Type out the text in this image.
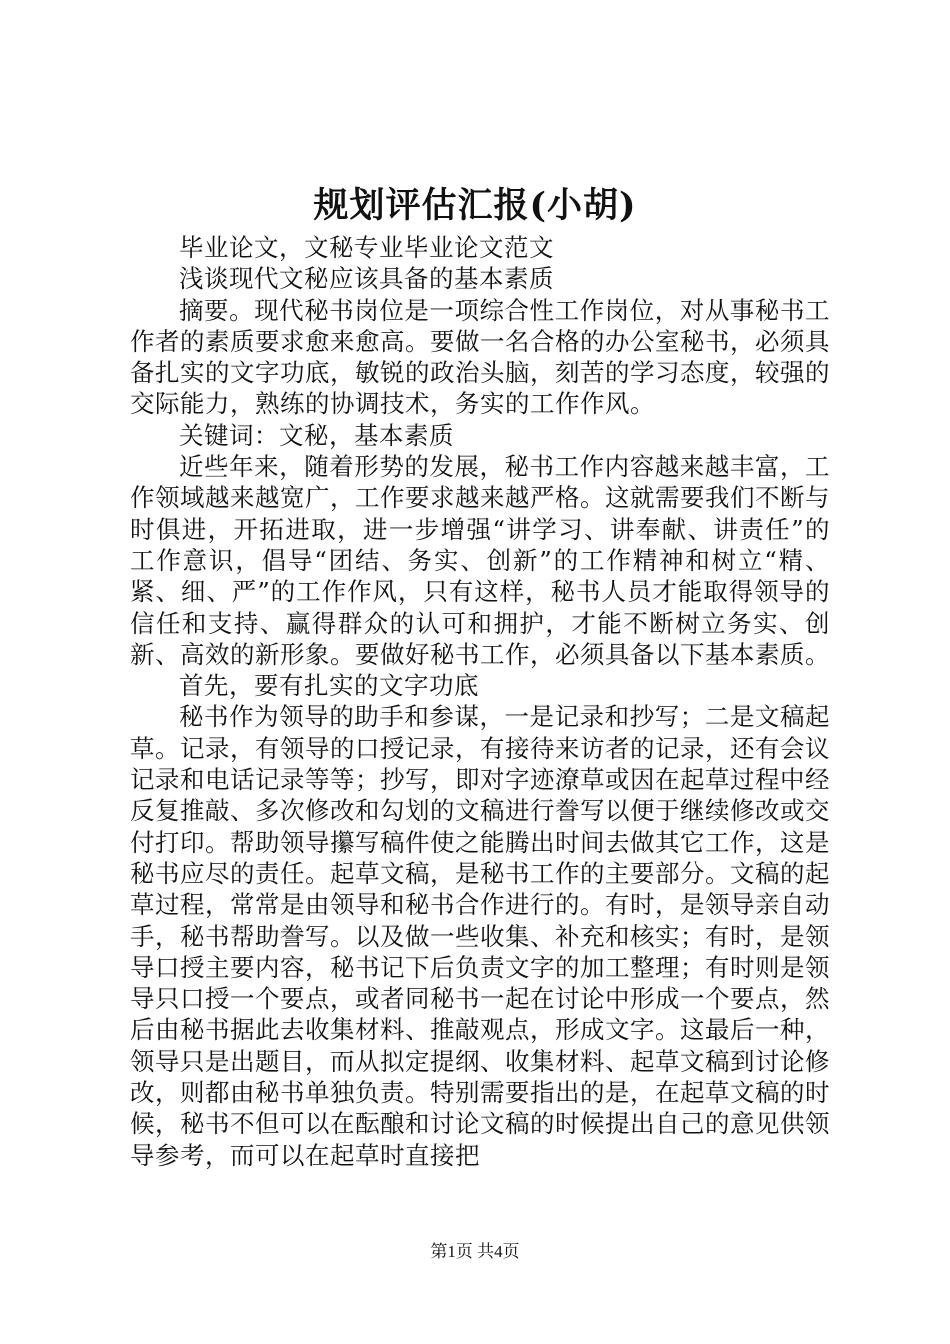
规划评估汇报(小胡)

毕业论文，文秘专业毕业论文范文

浅谈现代文秘应该具备的基本素质

摘要。现代秘书岗位是一项综合性工作岗位，对从事秘书工作者的素质要求愈来愈高。要做一名合格的办公室秘书，必须具备扎实的文字功底，敏锐的政治头脑，刻苦的学习态度，较强的交际能力，熟练的协调技术，务实的工作作风。

关键词：文秘，基本素质

近些年来，随着形势的发展，秘书工作内容越来越丰富，工作领域越来越宽广，工作要求越来越严格。这就需要我们不断与时俱进，开拓进取，进一步增强“讲学习、讲奉献、讲责任”的工作意识，倡导“团结、务实、创新”的工作精神和树立“精、紧、细、严”的工作作风，只有这样，秘书人员才能取得领导的信任和支持、赢得群众的认可和拥护，才能不断树立务实、创新、高效的新形象。要做好秘书工作，必须具备以下基本素质。

首先，要有扎实的文字功底

秘书作为领导的助手和参谋，一是记录和抄写；二是文稿起草。记录，有领导的口授记录，有接待来访者的记录，还有会议记录和电话记录等等；抄写，即对字迹潦草或因在起草过程中经反复推敲、多次修改和勾划的文稿进行誊写以便于继续修改或交付打印。帮助领导攥写稿件使之能腾出时间去做其它工作，这是秘书应尽的责任。起草文稿，是秘书工作的主要部分。文稿的起草过程，常常是由领导和秘书合作进行的。有时，是领导亲自动手，秘书帮助誊写。以及做一些收集、补充和核实；有时，是领导口授主要内容，秘书记下后负责文字的加工整理；有时则是领导只口授一个要点，或者同秘书一起在讨论中形成一个要点，然后由秘书据此去收集材料、推敲观点，形成文字。这最后一种，领导只是出题目，而从拟定提纲、收集材料、起草文稿到讨论修改，则都由秘书单独负责。特别需要指出的是，在起草文稿的时候，秘书不但可以在酝酿和讨论文稿的时候提出自己的意见供领导参考，而可以在起草时直接把

第1页 共4页
